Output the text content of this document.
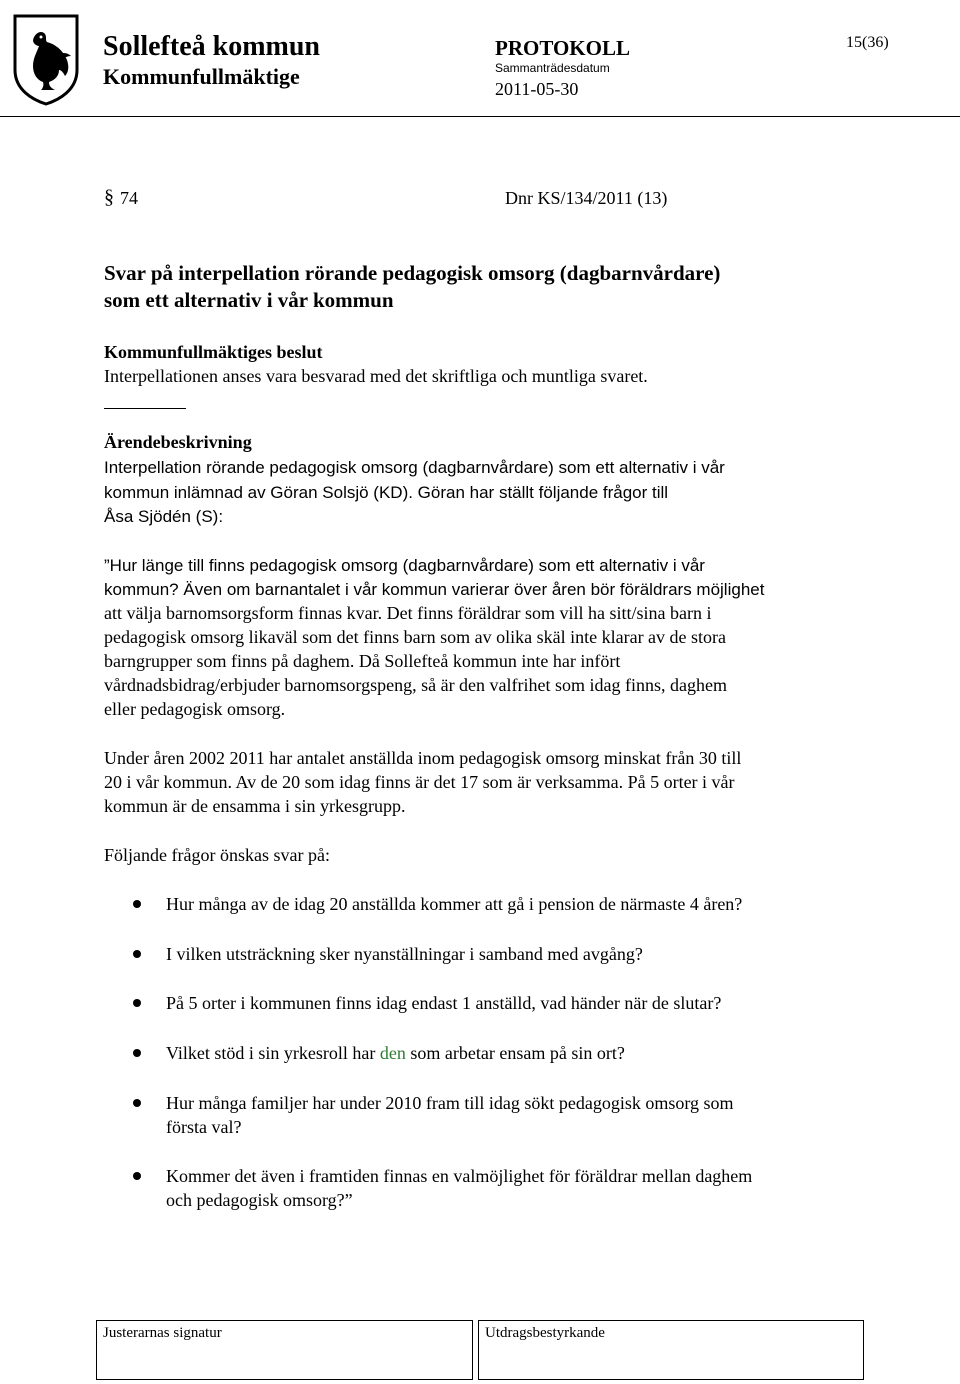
Sollefteå kommun
Kommunfullmäktige
PROTOKOLL
Sammanträdesdatum
2011-05-30
15(36)
§ 74	Dnr KS/134/2011 (13)
Svar på interpellation rörande pedagogisk omsorg (dagbarnvårdare)
som ett alternativ i vår kommun
Kommunfullmäktiges beslut
Interpellationen anses vara besvarad med det skriftliga och muntliga svaret.
Ärendebeskrivning
Interpellation rörande pedagogisk omsorg (dagbarnvårdare) som ett alternativ i vår
kommun inlämnad av Göran Solsjö (KD). Göran har ställt följande frågor till
Åsa Sjödén (S):
”Hur länge till finns pedagogisk omsorg (dagbarnvårdare) som ett alternativ i vår
kommun? Även om barnantalet i vår kommun varierar över åren bör föräldrars möjlighet
att välja barnomsorgsform finnas kvar. Det finns föräldrar som vill ha sitt/sina barn i
pedagogisk omsorg likaväl som det finns barn som av olika skäl inte klarar av de stora
barngrupper som finns på daghem. Då Sollefteå kommun inte har infört
vårdnadsbidrag/erbjuder barnomsorgspeng, så är den valfrihet som idag finns, daghem
eller pedagogisk omsorg.
Under åren 2002 2011 har antalet anställda inom pedagogisk omsorg minskat från 30 till
20 i vår kommun. Av de 20 som idag finns är det 17 som är verksamma. På 5 orter i vår
kommun är de ensamma i sin yrkesgrupp.
Följande frågor önskas svar på:
Hur många av de idag 20 anställda kommer att gå i pension de närmaste 4 åren?
I vilken utsträckning sker nyanställningar i samband med avgång?
På 5 orter i kommunen finns idag endast 1 anställd, vad händer när de slutar?
Vilket stöd i sin yrkesroll har den som arbetar ensam på sin ort?
Hur många familjer har under 2010 fram till idag sökt pedagogisk omsorg som
första val?
Kommer det även i framtiden finnas en valmöjlighet för föräldrar mellan daghem
och pedagogisk omsorg?”
Justerarnas signatur	Utdragsbestyrkande
